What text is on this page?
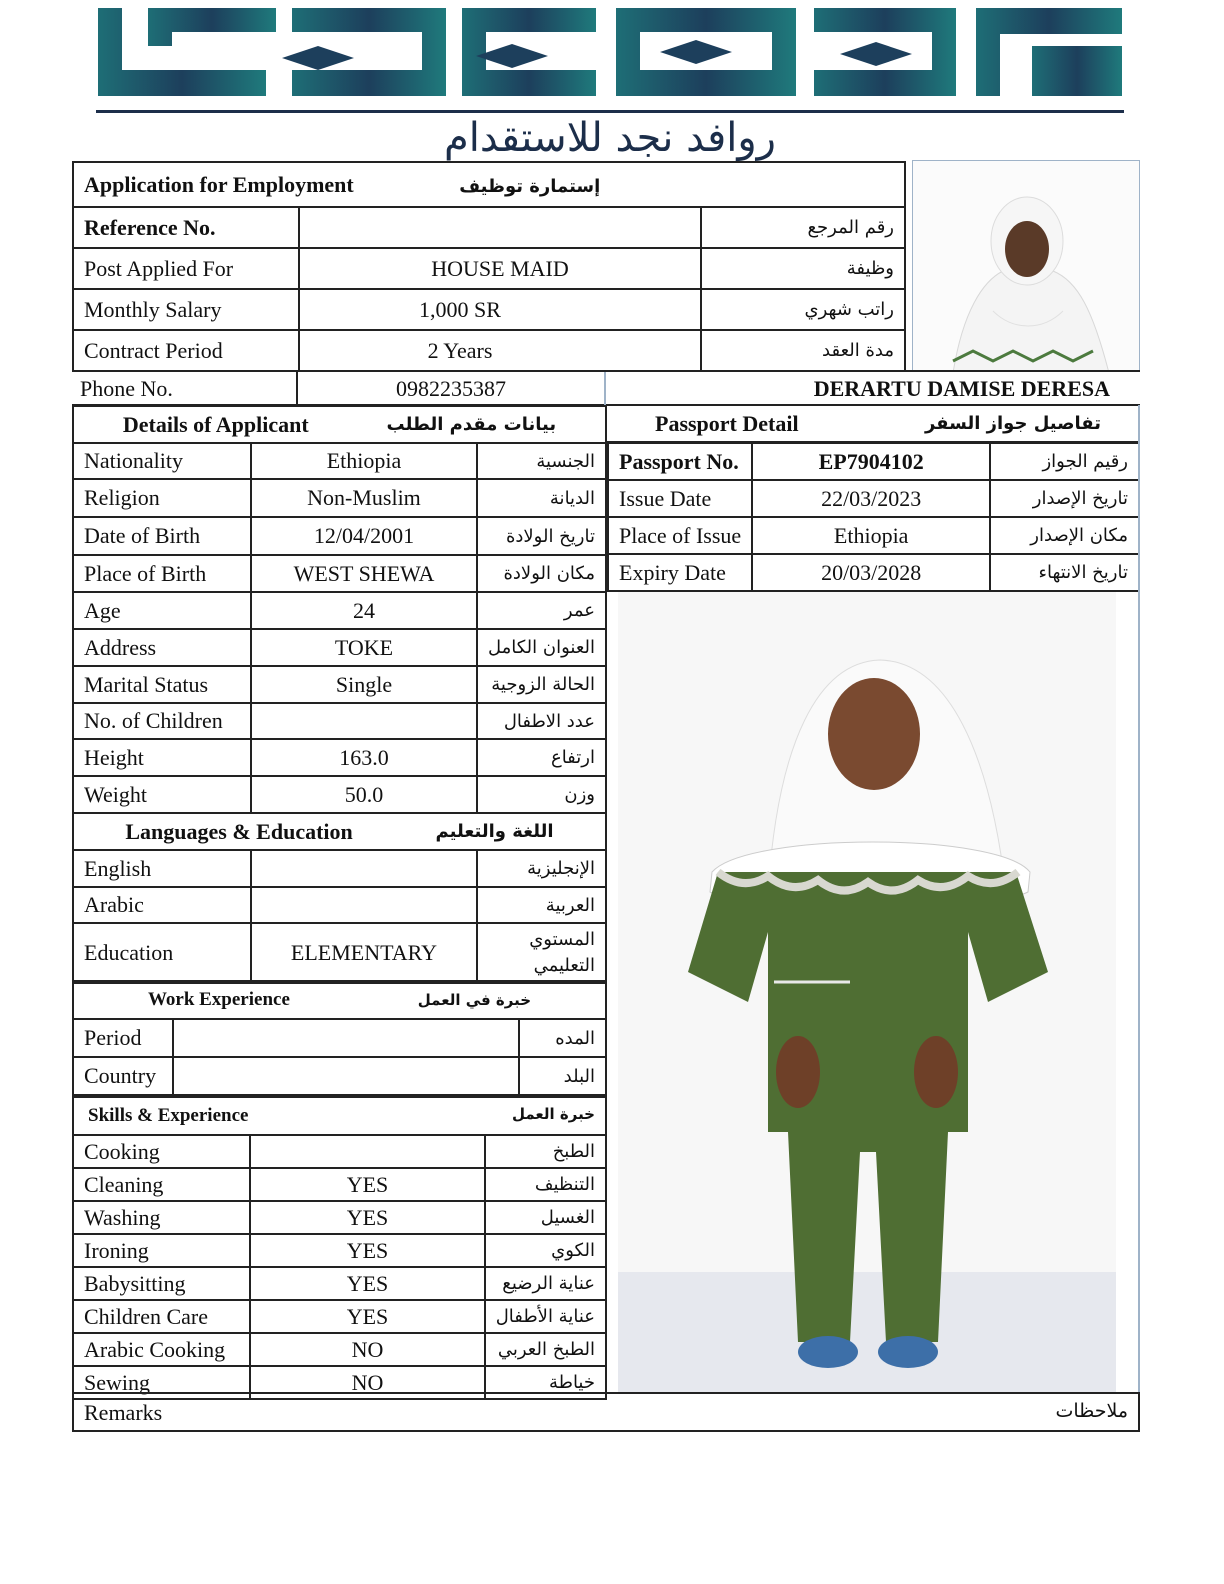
روافد نجد للاستقدام
Application for Employment إستمارة توظيف		
Reference No.		رقم المرجع
Post Applied For	HOUSE MAID	وظيفة
Monthly Salary	1,000 SR	راتب شهري
Contract Period	2 Years	مدة العقد
Phone No.	0982235387	DERARTU DAMISE DERESA
Details of Applicant بيانات مقدم الطلب		

Nationality	Ethiopia	الجنسية
Religion	Non-Muslim	الديانة
Date of Birth	12/04/2001	تاريخ الولادة
Place of Birth	WEST SHEWA	مكان الولادة
Age	24	عمر
Address	TOKE	العنوان الكامل
Marital Status	Single	الحالة الزوجية
No. of Children		عدد الاطفال
Height	163.0	ارتفاع
Weight	50.0	وزن

Languages & Education اللغة والتعليم		

English		الإنجليزية
Arabic		العربية
Education	ELEMENTARY	المستوي التعليمي
Work Experience خبرة في العمل		

Period		المده
Country		البلد
Skills & Experience خبرة العمل		

Cooking		الطبخ
Cleaning	YES	التنظيف
Washing	YES	الغسيل
Ironing	YES	الكوي
Babysitting	YES	عناية الرضيع
Children Care	YES	عناية الأطفال
Arabic Cooking	NO	الطبخ العربي
Sewing	NO	خياطة
Passport Detail	تفاصيل جواز السفر
Passport No.	EP7904102	رقيم الجواز
Issue Date	22/03/2023	تاريخ الإصدار
Place of Issue	Ethiopia	مكان الإصدار
Expiry Date	20/03/2028	تاريخ الانتهاء
Remarks	ملاحظات
